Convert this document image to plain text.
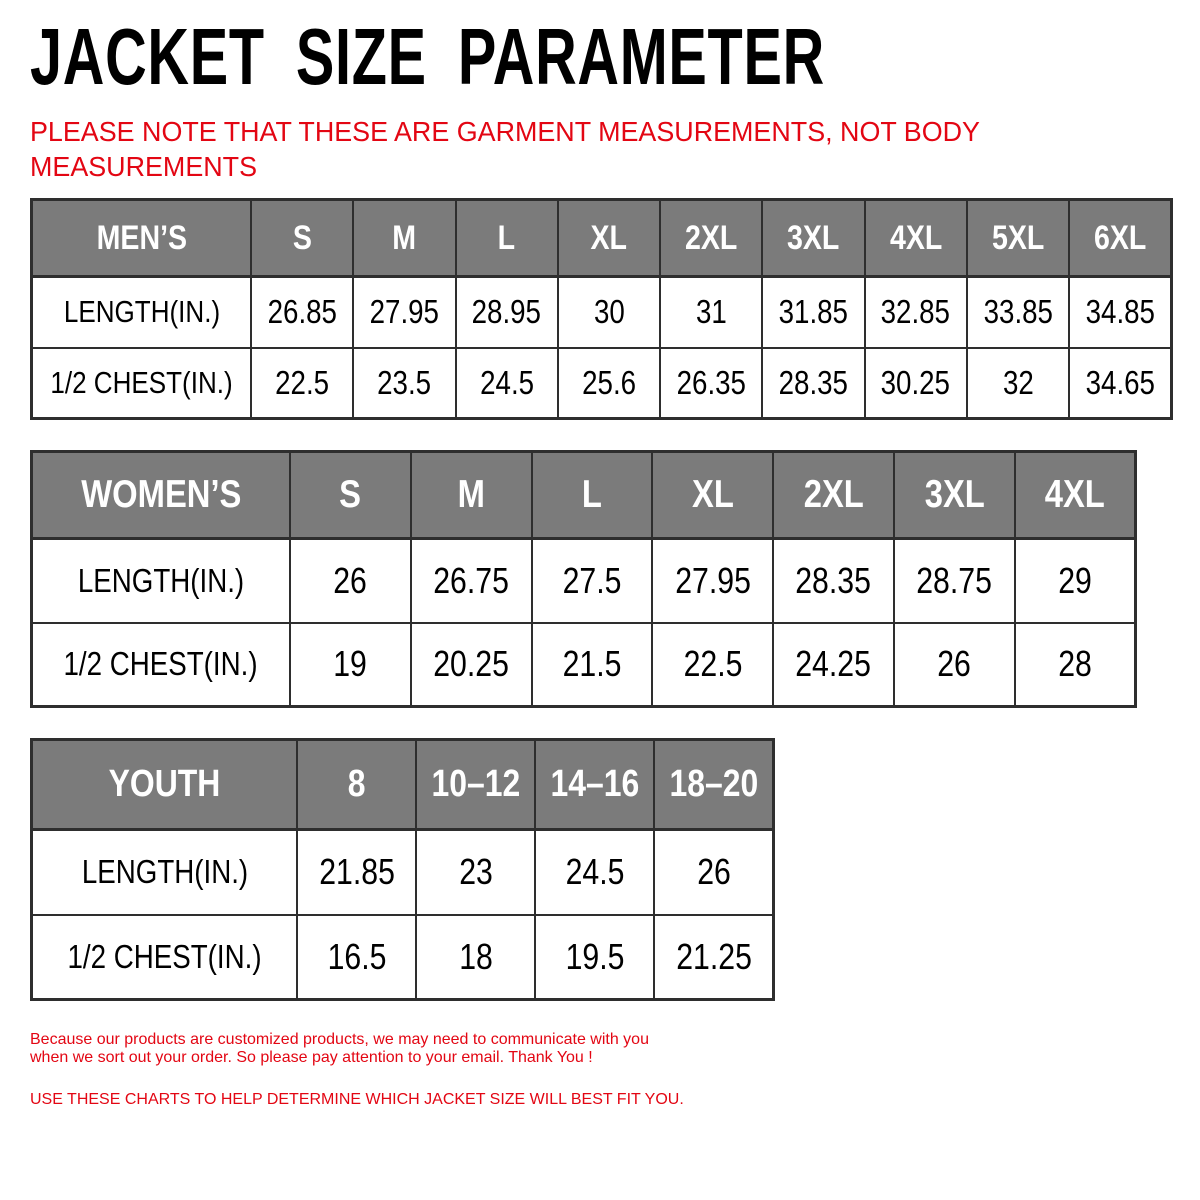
JACKET SIZE PARAMETER
PLEASE NOTE THAT THESE ARE GARMENT MEASUREMENTS, NOT BODY
MEASUREMENTS
MEN’S	S	M	L	XL	2XL	3XL	4XL	5XL	6XL
LENGTH(IN.)	26.85	27.95	28.95	30	31	31.85	32.85	33.85	34.85
1/2 CHEST(IN.)	22.5	23.5	24.5	25.6	26.35	28.35	30.25	32	34.65
WOMEN’S	S	M	L	XL	2XL	3XL	4XL
LENGTH(IN.)	26	26.75	27.5	27.95	28.35	28.75	29
1/2 CHEST(IN.)	19	20.25	21.5	22.5	24.25	26	28
YOUTH	8	10–12	14–16	18–20
LENGTH(IN.)	21.85	23	24.5	26
1/2 CHEST(IN.)	16.5	18	19.5	21.25

Because our products are customized products, we may need to communicate with you
when we sort out your order. So please pay attention to your email. Thank You !

USE THESE CHARTS TO HELP DETERMINE WHICH JACKET SIZE WILL BEST FIT YOU.
